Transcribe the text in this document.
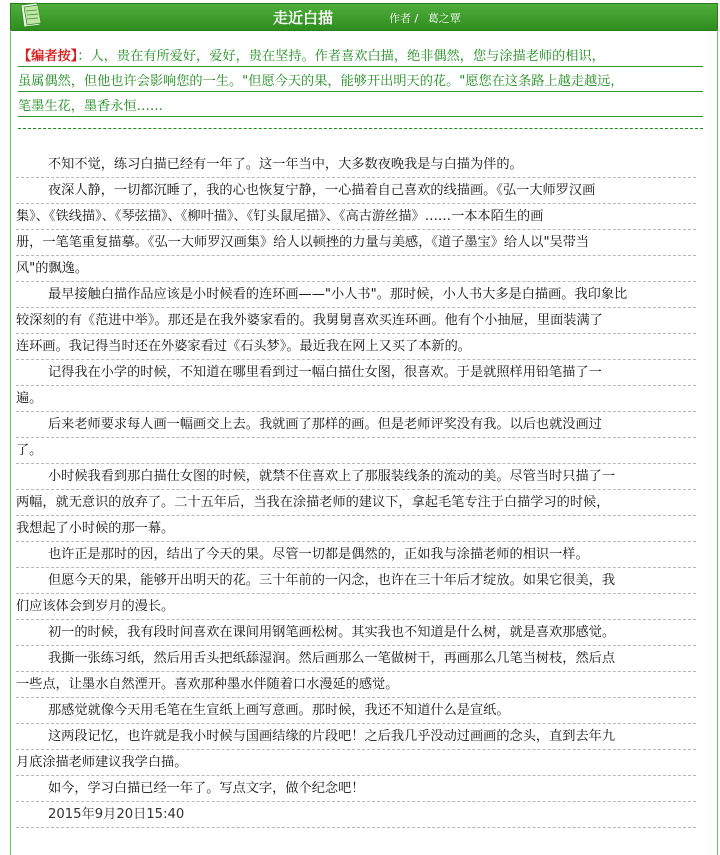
走近白描	作者 / 葛之覃
【编者按】：人，贵在有所爱好，爱好，贵在坚持。作者喜欢白描，绝非偶然，您与涂描老师的相识，
虽属偶然，但他也许会影响您的一生。"但愿今天的果，能够开出明天的花。"愿您在这条路上越走越远，
笔墨生花，墨香永恒……
不知不觉，练习白描已经有一年了。这一年当中，大多数夜晚我是与白描为伴的。
夜深人静，一切都沉睡了，我的心也恢复宁静，一心描着自己喜欢的线描画。《弘一大师罗汉画
集》、《铁线描》、《琴弦描》、《柳叶描》、《钉头鼠尾描》、《高古游丝描》……一本本陌生的画
册，一笔笔重复描摹。《弘一大师罗汉画集》给人以顿挫的力量与美感，《道子墨宝》给人以"吴带当
风"的飘逸。
最早接触白描作品应该是小时候看的连环画——"小人书"。那时候，小人书大多是白描画。我印象比
较深刻的有《范进中举》。那还是在我外婆家看的。我舅舅喜欢买连环画。他有个小抽屉，里面装满了
连环画。我记得当时还在外婆家看过《石头梦》。最近我在网上又买了本新的。
记得我在小学的时候，不知道在哪里看到过一幅白描仕女图，很喜欢。于是就照样用铅笔描了一
遍。
后来老师要求每人画一幅画交上去。我就画了那样的画。但是老师评奖没有我。以后也就没画过
了。
小时候我看到那白描仕女图的时候，就禁不住喜欢上了那服装线条的流动的美。尽管当时只描了一
两幅，就无意识的放弃了。二十五年后，当我在涂描老师的建议下，拿起毛笔专注于白描学习的时候，
我想起了小时候的那一幕。
也许正是那时的因，结出了今天的果。尽管一切都是偶然的，正如我与涂描老师的相识一样。
但愿今天的果，能够开出明天的花。三十年前的一闪念，也许在三十年后才绽放。如果它很美，我
们应该体会到岁月的漫长。
初一的时候，我有段时间喜欢在课间用钢笔画松树。其实我也不知道是什么树，就是喜欢那感觉。
我撕一张练习纸，然后用舌头把纸舔湿润。然后画那么一笔做树干，再画那么几笔当树枝，然后点
一些点，让墨水自然湮开。喜欢那种墨水伴随着口水漫延的感觉。
那感觉就像今天用毛笔在生宣纸上画写意画。那时候，我还不知道什么是宣纸。
这两段记忆，也许就是我小时候与国画结缘的片段吧！之后我几乎没动过画画的念头，直到去年九
月底涂描老师建议我学白描。
如今，学习白描已经一年了。写点文字，做个纪念吧！
2015年9月20日15:40
